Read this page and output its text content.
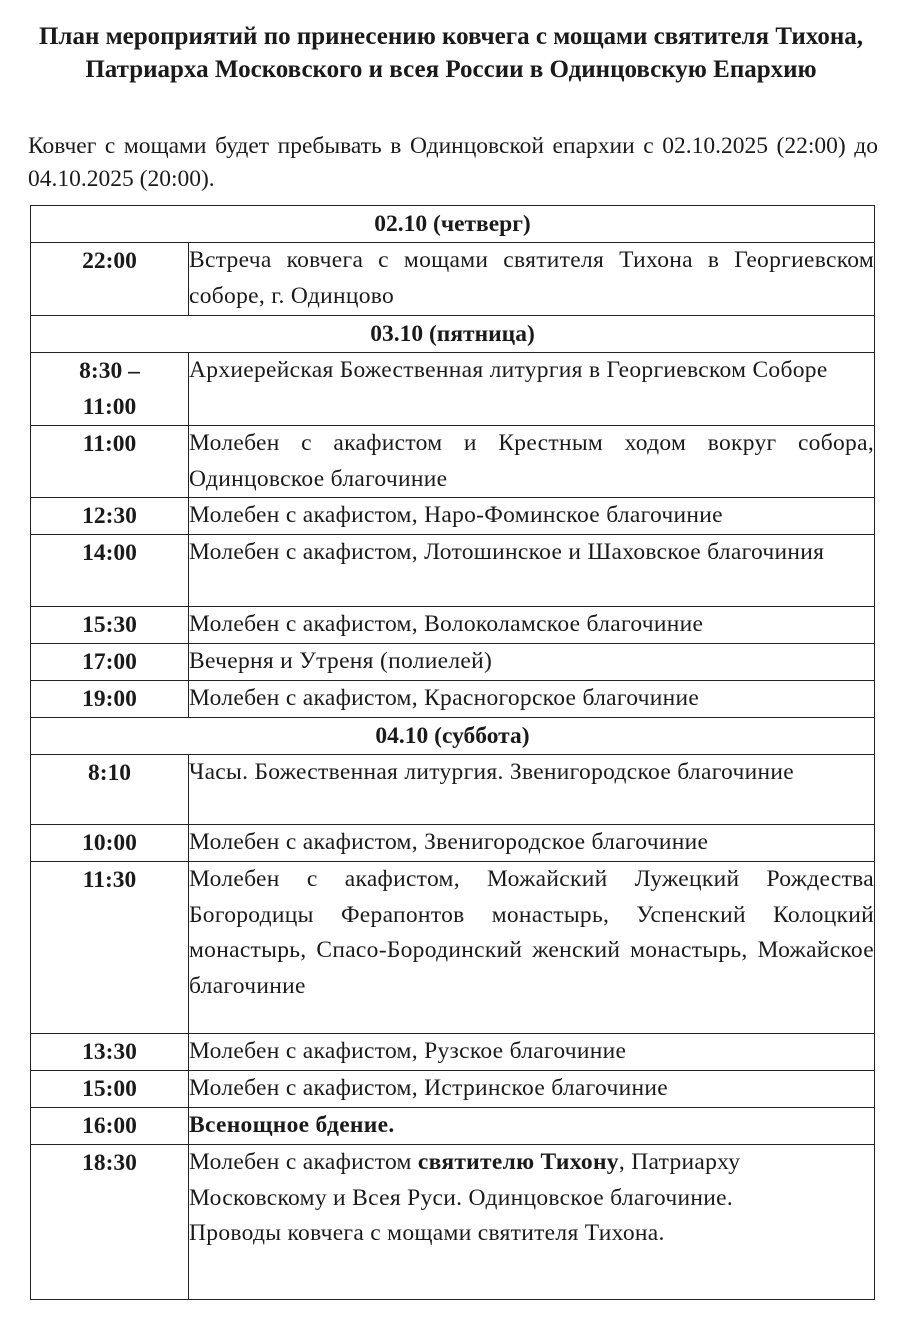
План мероприятий по принесению ковчега с мощами святителя Тихона, Патриарха Московского и всея России в Одинцовскую Епархию
Ковчег с мощами будет пребывать в Одинцовской епархии с 02.10.2025 (22:00) до 04.10.2025 (20:00).
02.10 (четверг)	
22:00	Встреча ковчега с мощами святителя Тихона в Георгиевском соборе, г. Одинцово
03.10 (пятница)	
8:30 – 11:00	Архиерейская Божественная литургия в Георгиевском Соборе
11:00	Молебен с акафистом и Крестным ходом вокруг собора, Одинцовское благочиние
12:30	Молебен с акафистом, Наро-Фоминское благочиние
14:00	Молебен с акафистом, Лотошинское и Шаховское благочиния
15:30	Молебен с акафистом, Волоколамское благочиние
17:00	Вечерня и Утреня (полиелей)
19:00	Молебен с акафистом, Красногорское благочиние
04.10 (суббота)	
8:10	Часы. Божественная литургия. Звенигородское благочиние
10:00	Молебен с акафистом, Звенигородское благочиние
11:30	Молебен с акафистом, Можайский Лужецкий Рождества Богородицы Ферапонтов монастырь, Успенский Колоцкий монастырь, Спасо-Бородинский женский монастырь, Можайское благочиние
13:30	Молебен с акафистом, Рузское благочиние
15:00	Молебен с акафистом, Истринское благочиние
16:00	Всенощное бдение.
18:30	Молебен с акафистом святителю Тихону, Патриарху Московскому и Всея Руси. Одинцовское благочиние.
Проводы ковчега с мощами святителя Тихона.
